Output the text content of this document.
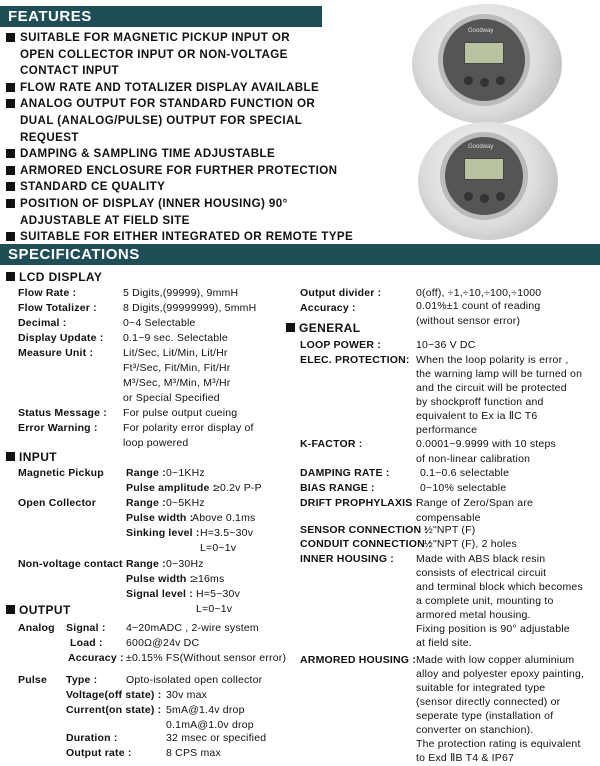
FEATURES
SUITABLE FOR MAGNETIC PICKUP INPUT OR
OPEN COLLECTOR INPUT OR NON-VOLTAGE
CONTACT INPUT
FLOW RATE AND TOTALIZER DISPLAY AVAILABLE
ANALOG OUTPUT FOR STANDARD FUNCTION OR
DUAL (ANALOG/PULSE) OUTPUT FOR SPECIAL
REQUEST
DAMPING & SAMPLING TIME ADJUSTABLE
ARMORED ENCLOSURE FOR FURTHER PROTECTION
STANDARD CE QUALITY
POSITION OF DISPLAY (INNER HOUSING) 90°
ADJUSTABLE AT FIELD SITE
SUITABLE FOR EITHER INTEGRATED OR REMOTE TYPE
Goodway
Goodway
SPECIFICATIONS
LCD DISPLAY
Flow Rate :	5 Digits,(99999), 9mmH
Flow Totalizer : 8 Digits,(99999999), 5mmH
Decimal :	0~4 Selectable
Display Update : 0.1~9 sec. Selectable
Measure Unit :	Lit/Sec, Lit/Min, Lit/Hr
Ft³/Sec, Fit/Min, Fit/Hr
M³/Sec, M³/Min, M³/Hr
or Special Specified
Status Message : For pulse output cueing
Error Warning : For polarity error display of
loop powered
INPUT
Magnetic Pickup Range : 0~1KHz
Pulse amplitude :
≥0.2v P-P
Open Collector	Range : 0~5KHz
Pulse width :
Above 0.1ms
Sinking level : H=3.5~30v
L=0~1v
Non-voltage contact Range : 0~30Hz
Pulse width :
≥16ms
Signal level : H=5~30v
L=0~1v
OUTPUT
Analog Signal : 4~20mADC , 2-wire system
Load : 600Ω@24v DC
Accuracy : ±0.15% FS(Without sensor error)
Pulse Type :	Opto-isolated open collector
Voltage(off state) : 30v max
Current(on state) : 5mA@1.4v drop
0.1mA@1.0v drop
Duration :	32 msec or specified
Output rate :	8 CPS max
Output divider :	0(off), ÷1,÷10,÷100,÷1000
Accuracy :	0.01%±1 count of reading
(without sensor error)
GENERAL
LOOP POWER :	10~36 V DC
ELEC. PROTECTION: When the loop polarity is error ,
the warning lamp will be turned on
and the circuit will be protected
by shockproff function and
equivalent to Ex ia ⅡC T6
performance
K-FACTOR :	0.0001~9.9999 with 10 steps
of non-linear calibration
DAMPING RATE :	0.1~0.6 selectable
BIAS RANGE :	0~10% selectable
DRIFT PROPHYLAXIS :
Range of Zero/Span are
compensable
SENSOR CONNECTION :
½"NPT (F)
CONDUIT CONNECTION :
½"NPT (F), 2 holes
INNER HOUSING : Made with ABS black resin
consists of electrical circuit
and terminal block which becomes
a complete unit, mounting to
armored metal housing.
Fixing position is 90° adjustable
at field site.
ARMORED HOUSING : Made with low copper aluminium
alloy and polyester epoxy painting,
suitable for integrated type
(sensor directly connected) or
seperate type (installation of
converter on stanchion).
The protection rating is equivalent
to Exd ⅡB T4 & IP67
